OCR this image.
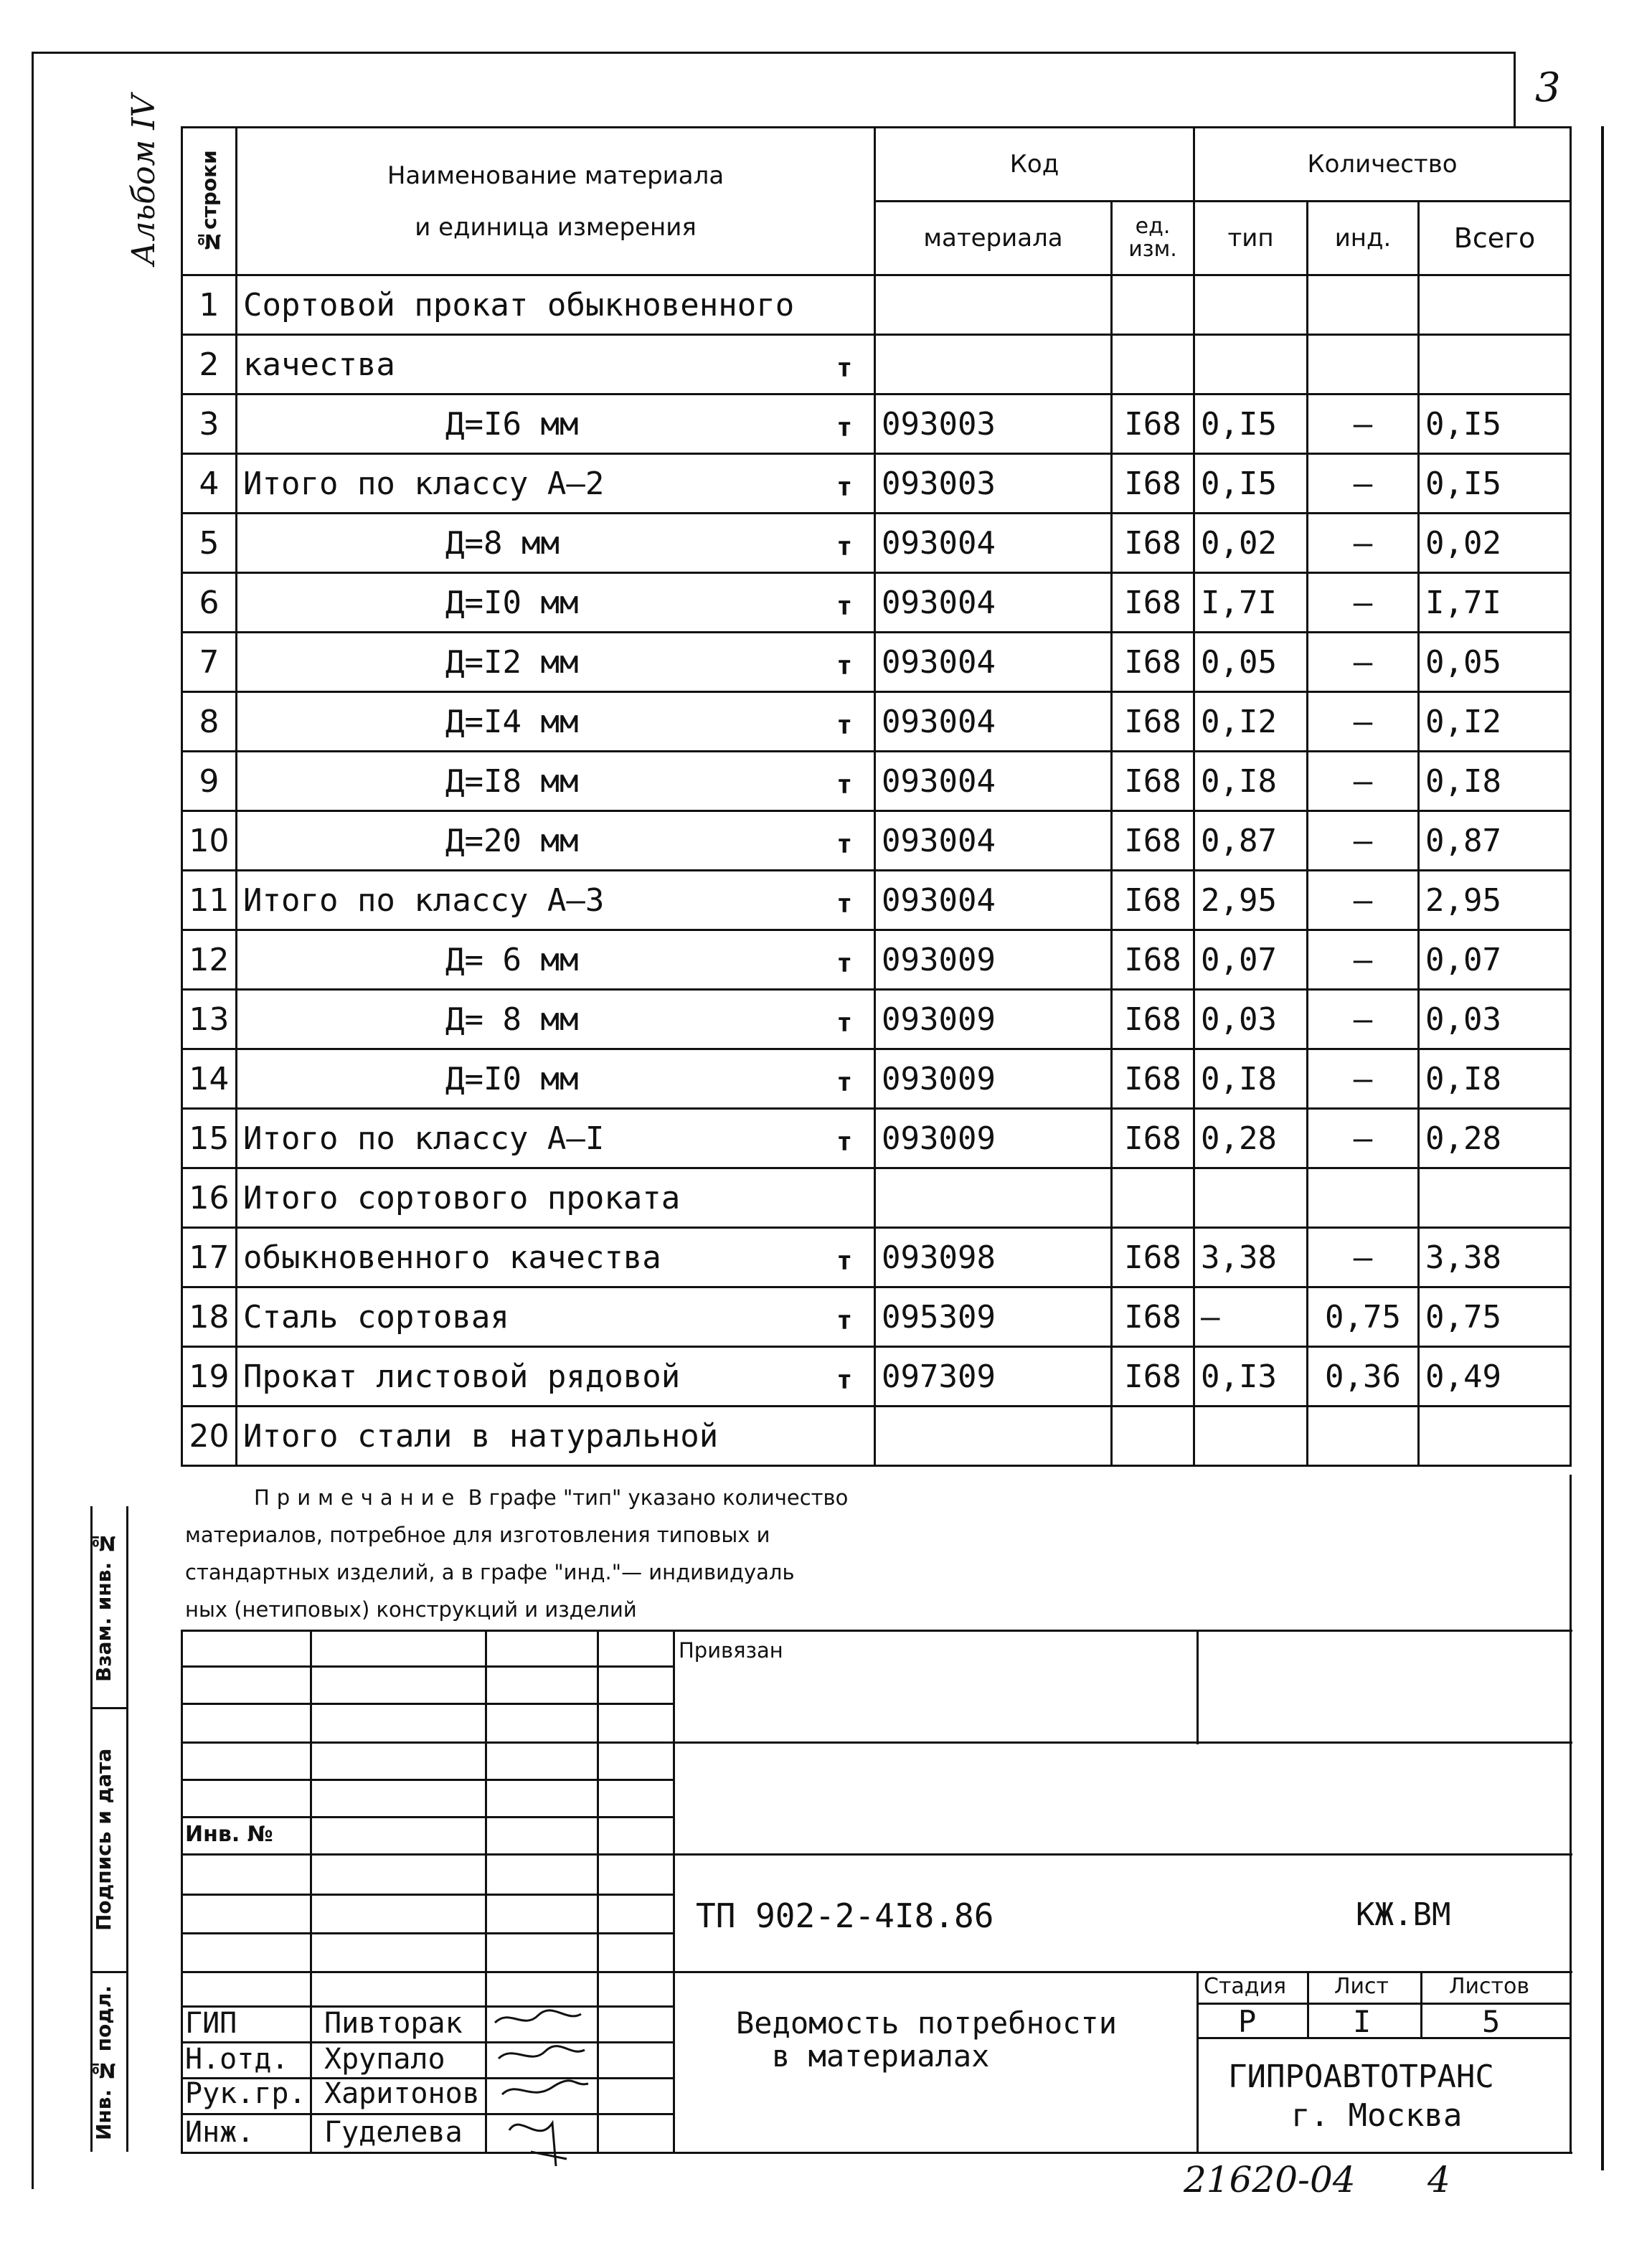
3
Альбом IV №строки	Наименование материала
и единица измерения	Код		Количество		
		материала	ед. изм.	тип	инд.	Всего
1	Сортовой прокат обыкновенного

2	качества т					

3	Д=I6 мм т	093003	I68	0,I5	–	0,I5
4	Итого по классу А–2 т	093003	I68	0,I5	–	0,I5
5	Д=8 мм т	093004	I68	0,02	–	0,02
6	Д=I0 мм т	093004	I68	I,7I	–	I,7I
7	Д=I2 мм т	093004	I68	0,05	–	0,05
8	Д=I4 мм т	093004	I68	0,I2	–	0,I2
9	Д=I8 мм т	093004	I68	0,I8	–	0,I8
10	Д=20 мм т	093004	I68	0,87	–	0,87
11	Итого по классу А–3 т	093004	I68	2,95	–	2,95
12	Д= 6 мм т	093009	I68	0,07	–	0,07
13	Д= 8 мм т	093009	I68	0,03	–	0,03
14	Д=I0 мм т	093009	I68	0,I8	–	0,I8
15	Итого по классу А–I т	093009	I68	0,28	–	0,28
16	Итого сортового проката

17	обыкновенного качества т	093098	I68	3,38	–	3,38
18	Сталь сортовая т	095309	I68	–	0,75	0,75
19	Прокат листовой рядовой т	097309	I68	0,I3	0,36	0,49
20	Итого стали в натуральной

Примечание В графе "тип" указано количество
материалов, потребное для изготовления типовых и
стандартных изделий, а в графе "инд."— индивидуаль
ных (нетиповых) конструкций и изделий
Взам. инв. №
Подпись и дата
Инв. № подл.
Привязан
Инв. №
ТП 902-2-4I8.86	КЖ.ВМ
ГИП	Пивторак
Н.отд. Хрупало
Рук.гр. Харитонов
Инж. Гуделева
Ведомость потребности
в материалах
Стадия Лист	Листов
Р	I	5
ГИПРОАВТОТРАНС
г. Москва
21620-04 4
